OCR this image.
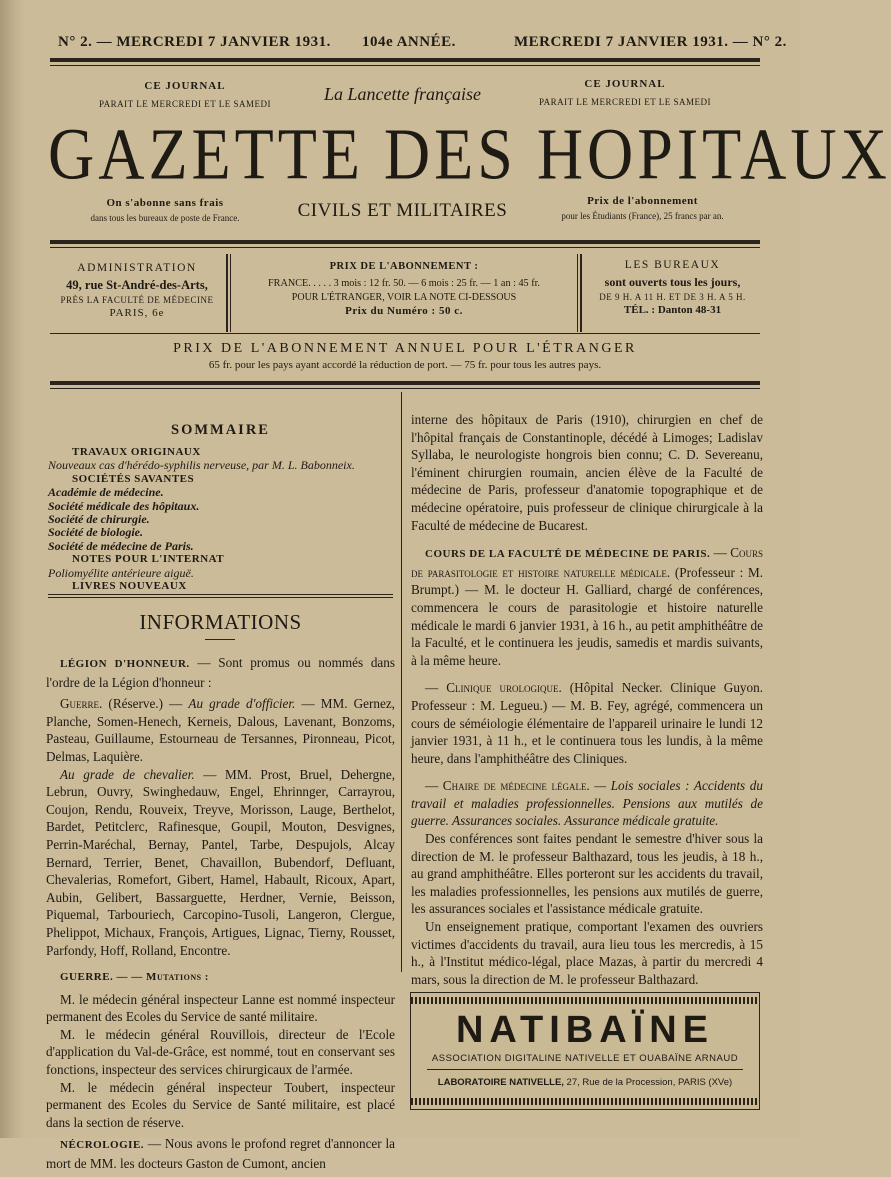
N° 2. — MERCREDI 7 JANVIER 1931. 104e ANNÉE.	MERCREDI 7 JANVIER 1931. — N° 2.
CE JOURNAL
PARAIT LE MERCREDI ET LE SAMEDI	La Lancette française	CE JOURNAL
PARAIT LE MERCREDI ET LE SAMEDI
GAZETTE DES HOPITAUX
On s'abonne sans frais
dans tous les bureaux de poste de France.	CIVILS ET MILITAIRES	Prix de l'abonnement
pour les Étudiants (France), 25 francs par an.
ADMINISTRATION
49, rue St-André-des-Arts,
PRÈS LA FACULTÉ DE MÉDECINE
PARIS, 6e
PRIX DE L'ABONNEMENT :
FRANCE. . . . . 3 mois : 12 fr. 50. — 6 mois : 25 fr. — 1 an : 45 fr.
POUR L'ÉTRANGER, VOIR LA NOTE CI-DESSOUS
Prix du Numéro : 50 c.
LES BUREAUX
sont ouverts tous les jours,
DE 9 H. A 11 H. ET DE 3 H. A 5 H.
TÉL. : Danton 48-31
PRIX DE L'ABONNEMENT ANNUEL POUR L'ÉTRANGER
65 fr. pour les pays ayant accordé la réduction de port. — 75 fr. pour tous les autres pays.
SOMMAIRE
TRAVAUX ORIGINAUX
Nouveaux cas d'hérédo-syphilis nerveuse, par M. L. Babonneix.
SOCIÉTÉS SAVANTES
Académie de médecine.
Société médicale des hôpitaux.
Société de chirurgie.
Société de biologie.
Société de médecine de Paris.
NOTES POUR L'INTERNAT
Poliomyélite antérieure aiguë.
LIVRES NOUVEAUX
INFORMATIONS

LÉGION D'HONNEUR. — Sont promus ou nommés dans l'ordre de la Légion d'honneur :

Guerre. (Réserve.) — Au grade d'officier. — MM. Gernez, Planche, Somen-Henech, Kerneis, Dalous, Lavenant, Bonzoms, Pasteau, Guillaume, Estourneau de Tersannes, Pironneau, Picot, Delmas, Laquière.

Au grade de chevalier. — MM. Prost, Bruel, Dehergne, Lebrun, Ouvry, Swinghedauw, Engel, Ehrinnger, Carrayrou, Coujon, Rendu, Rouveix, Treyve, Morisson, Lauge, Berthelot, Bardet, Petitclerc, Rafinesque, Goupil, Mouton, Desvignes, Perrin-Maréchal, Bernay, Pantel, Tarbe, Despujols, Alcay Bernard, Terrier, Benet, Chavaillon, Bubendorf, Defluant, Chevalerias, Romefort, Gibert, Hamel, Habault, Ricoux, Apart, Aubin, Gelibert, Bassarguette, Herdner, Vernie, Beisson, Piquemal, Tarbouriech, Carcopino-Tusoli, Langeron, Clergue, Phelippot, Michaux, François, Artigues, Lignac, Tierny, Rousset, Parfondy, Hoff, Rolland, Encontre.

GUERRE. — — Mutations :

M. le médecin général inspecteur Lanne est nommé inspecteur permanent des Ecoles du Service de santé militaire.

M. le médecin général Rouvillois, directeur de l'Ecole d'application du Val-de-Grâce, est nommé, tout en conservant ses fonctions, inspecteur des services chirurgicaux de l'armée.

M. le médecin général inspecteur Toubert, inspecteur permanent des Ecoles du Service de Santé militaire, est placé dans la section de réserve.

NÉCROLOGIE. — Nous avons le profond regret d'annoncer la mort de MM. les docteurs Gaston de Cumont, ancien

interne des hôpitaux de Paris (1910), chirurgien en chef de l'hôpital français de Constantinople, décédé à Limoges; Ladislav Syllaba, le neurologiste hongrois bien connu; C. D. Severeanu, l'éminent chirurgien roumain, ancien élève de la Faculté de médecine de Paris, professeur d'anatomie topographique et de médecine opératoire, puis professeur de clinique chirurgicale à la Faculté de médecine de Bucarest.

COURS DE LA FACULTÉ DE MÉDECINE DE PARIS. — Cours de parasitologie et histoire naturelle médicale. (Professeur : M. Brumpt.) — M. le docteur H. Galliard, chargé de conférences, commencera le cours de parasitologie et histoire naturelle médicale le mardi 6 janvier 1931, à 16 h., au petit amphithéâtre de la Faculté, et le continuera les jeudis, samedis et mardis suivants, à la même heure.

— Clinique urologique. (Hôpital Necker. Clinique Guyon. Professeur : M. Legueu.) — M. B. Fey, agrégé, commencera un cours de séméiologie élémentaire de l'appareil urinaire le lundi 12 janvier 1931, à 11 h., et le continuera tous les lundis, à la même heure, dans l'amphithéâtre des Cliniques.

— Chaire de médecine légale. — Lois sociales : Accidents du travail et maladies professionnelles. Pensions aux mutilés de guerre. Assurances sociales. Assurance médicale gratuite.

Des conférences sont faites pendant le semestre d'hiver sous la direction de M. le professeur Balthazard, tous les jeudis, à 18 h., au grand amphithéâtre. Elles porteront sur les accidents du travail, les maladies professionnelles, les pensions aux mutilés de guerre, les assurances sociales et l'assistance médicale gratuite.

Un enseignement pratique, comportant l'examen des ouvriers victimes d'accidents du travail, aura lieu tous les mercredis, à 15 h., à l'Institut médico-légal, place Mazas, à partir du mercredi 4 mars, sous la direction de M. le professeur Balthazard.

NATIBAÏNE
ASSOCIATION DIGITALINE NATIVELLE ET OUABAÏNE ARNAUD
LABORATOIRE NATIVELLE, 27, Rue de la Procession, PARIS (XVe)
